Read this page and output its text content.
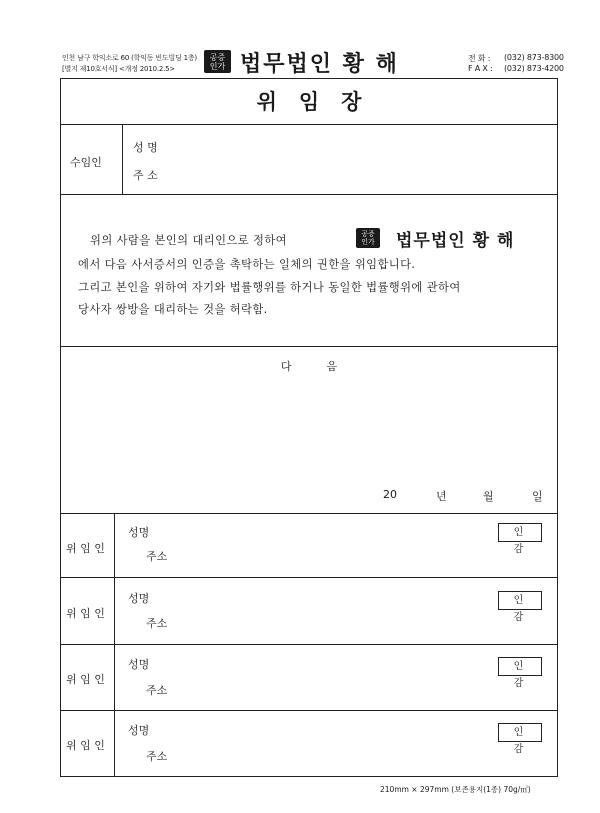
인천 남구 학익소로 60 (학익동 빈도빌딩 1층)
[별지 제10호서식] <개정 2010.2.5>
공증
인가 법무법인 황 해	전 화 : (032) 873-8300
F A X : (032) 873-4200
위   임   장
수임인
성 명
주 소
위의 사람을 본인의 대리인으로 정하여	공증
인가 법무법인 황 해
에서 다음 사서증서의 인증을 촉탁하는 일체의 권한을 위임합니다.
그리고 본인을 위하여 자기와 법률행위를 하거나 동일한 법률행위에 관하여
당사자 쌍방을 대리하는 것을 허락함.
다          음
20	년	월	일
위 임 인
성명
주소
인감
위 임 인
성명
주소
인감
위 임 인
성명
주소
인감
위 임 인
성명
주소
인감
210mm × 297mm (보존용지(1종) 70g/㎡)
